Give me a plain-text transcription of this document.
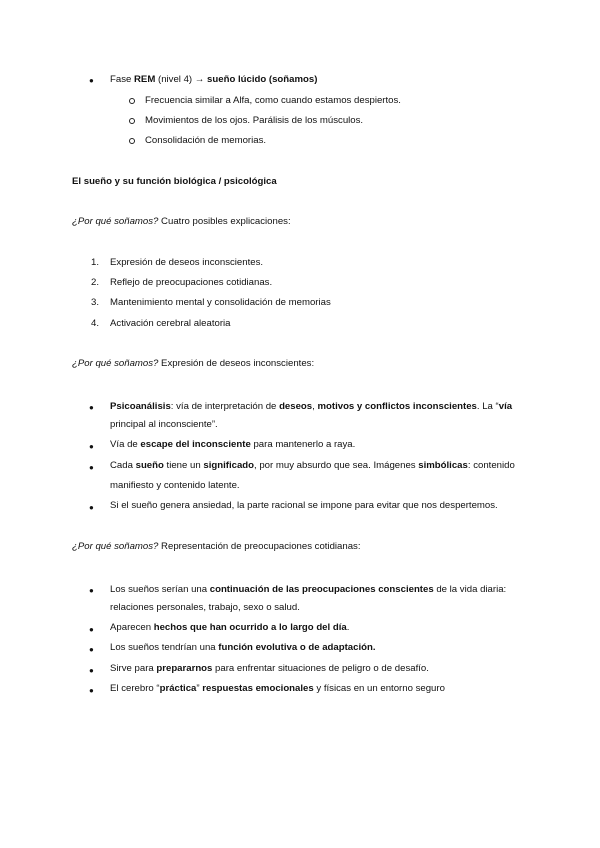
● Fase REM (nivel 4) → sueño lúcido (soñamos)
Frecuencia similar a Alfa, como cuando estamos despiertos.
Movimientos de los ojos. Parálisis de los músculos.
Consolidación de memorias.
El sueño y su función biológica / psicológica
¿Por qué soñamos? Cuatro posibles explicaciones:
1. Expresión de deseos inconscientes.
2. Reflejo de preocupaciones cotidianas.
3. Mantenimiento mental y consolidación de memorias
4. Activación cerebral aleatoria
¿Por qué soñamos? Expresión de deseos inconscientes:
● Psicoanálisis: vía de interpretación de deseos, motivos y conflictos inconscientes. La “vía
principal al inconsciente”.
● Vía de escape del inconsciente para mantenerlo a raya.
● Cada sueño tiene un significado, por muy absurdo que sea. Imágenes simbólicas: contenido
manifiesto y contenido latente.
● Si el sueño genera ansiedad, la parte racional se impone para evitar que nos despertemos.
¿Por qué soñamos? Representación de preocupaciones cotidianas:
● Los sueños serían una continuación de las preocupaciones conscientes de la vida diaria:
relaciones personales, trabajo, sexo o salud.
● Aparecen hechos que han ocurrido a lo largo del día.
● Los sueños tendrían una función evolutiva o de adaptación.
● Sirve para prepararnos para enfrentar situaciones de peligro o de desafío.
● El cerebro “práctica” respuestas emocionales y físicas en un entorno seguro
